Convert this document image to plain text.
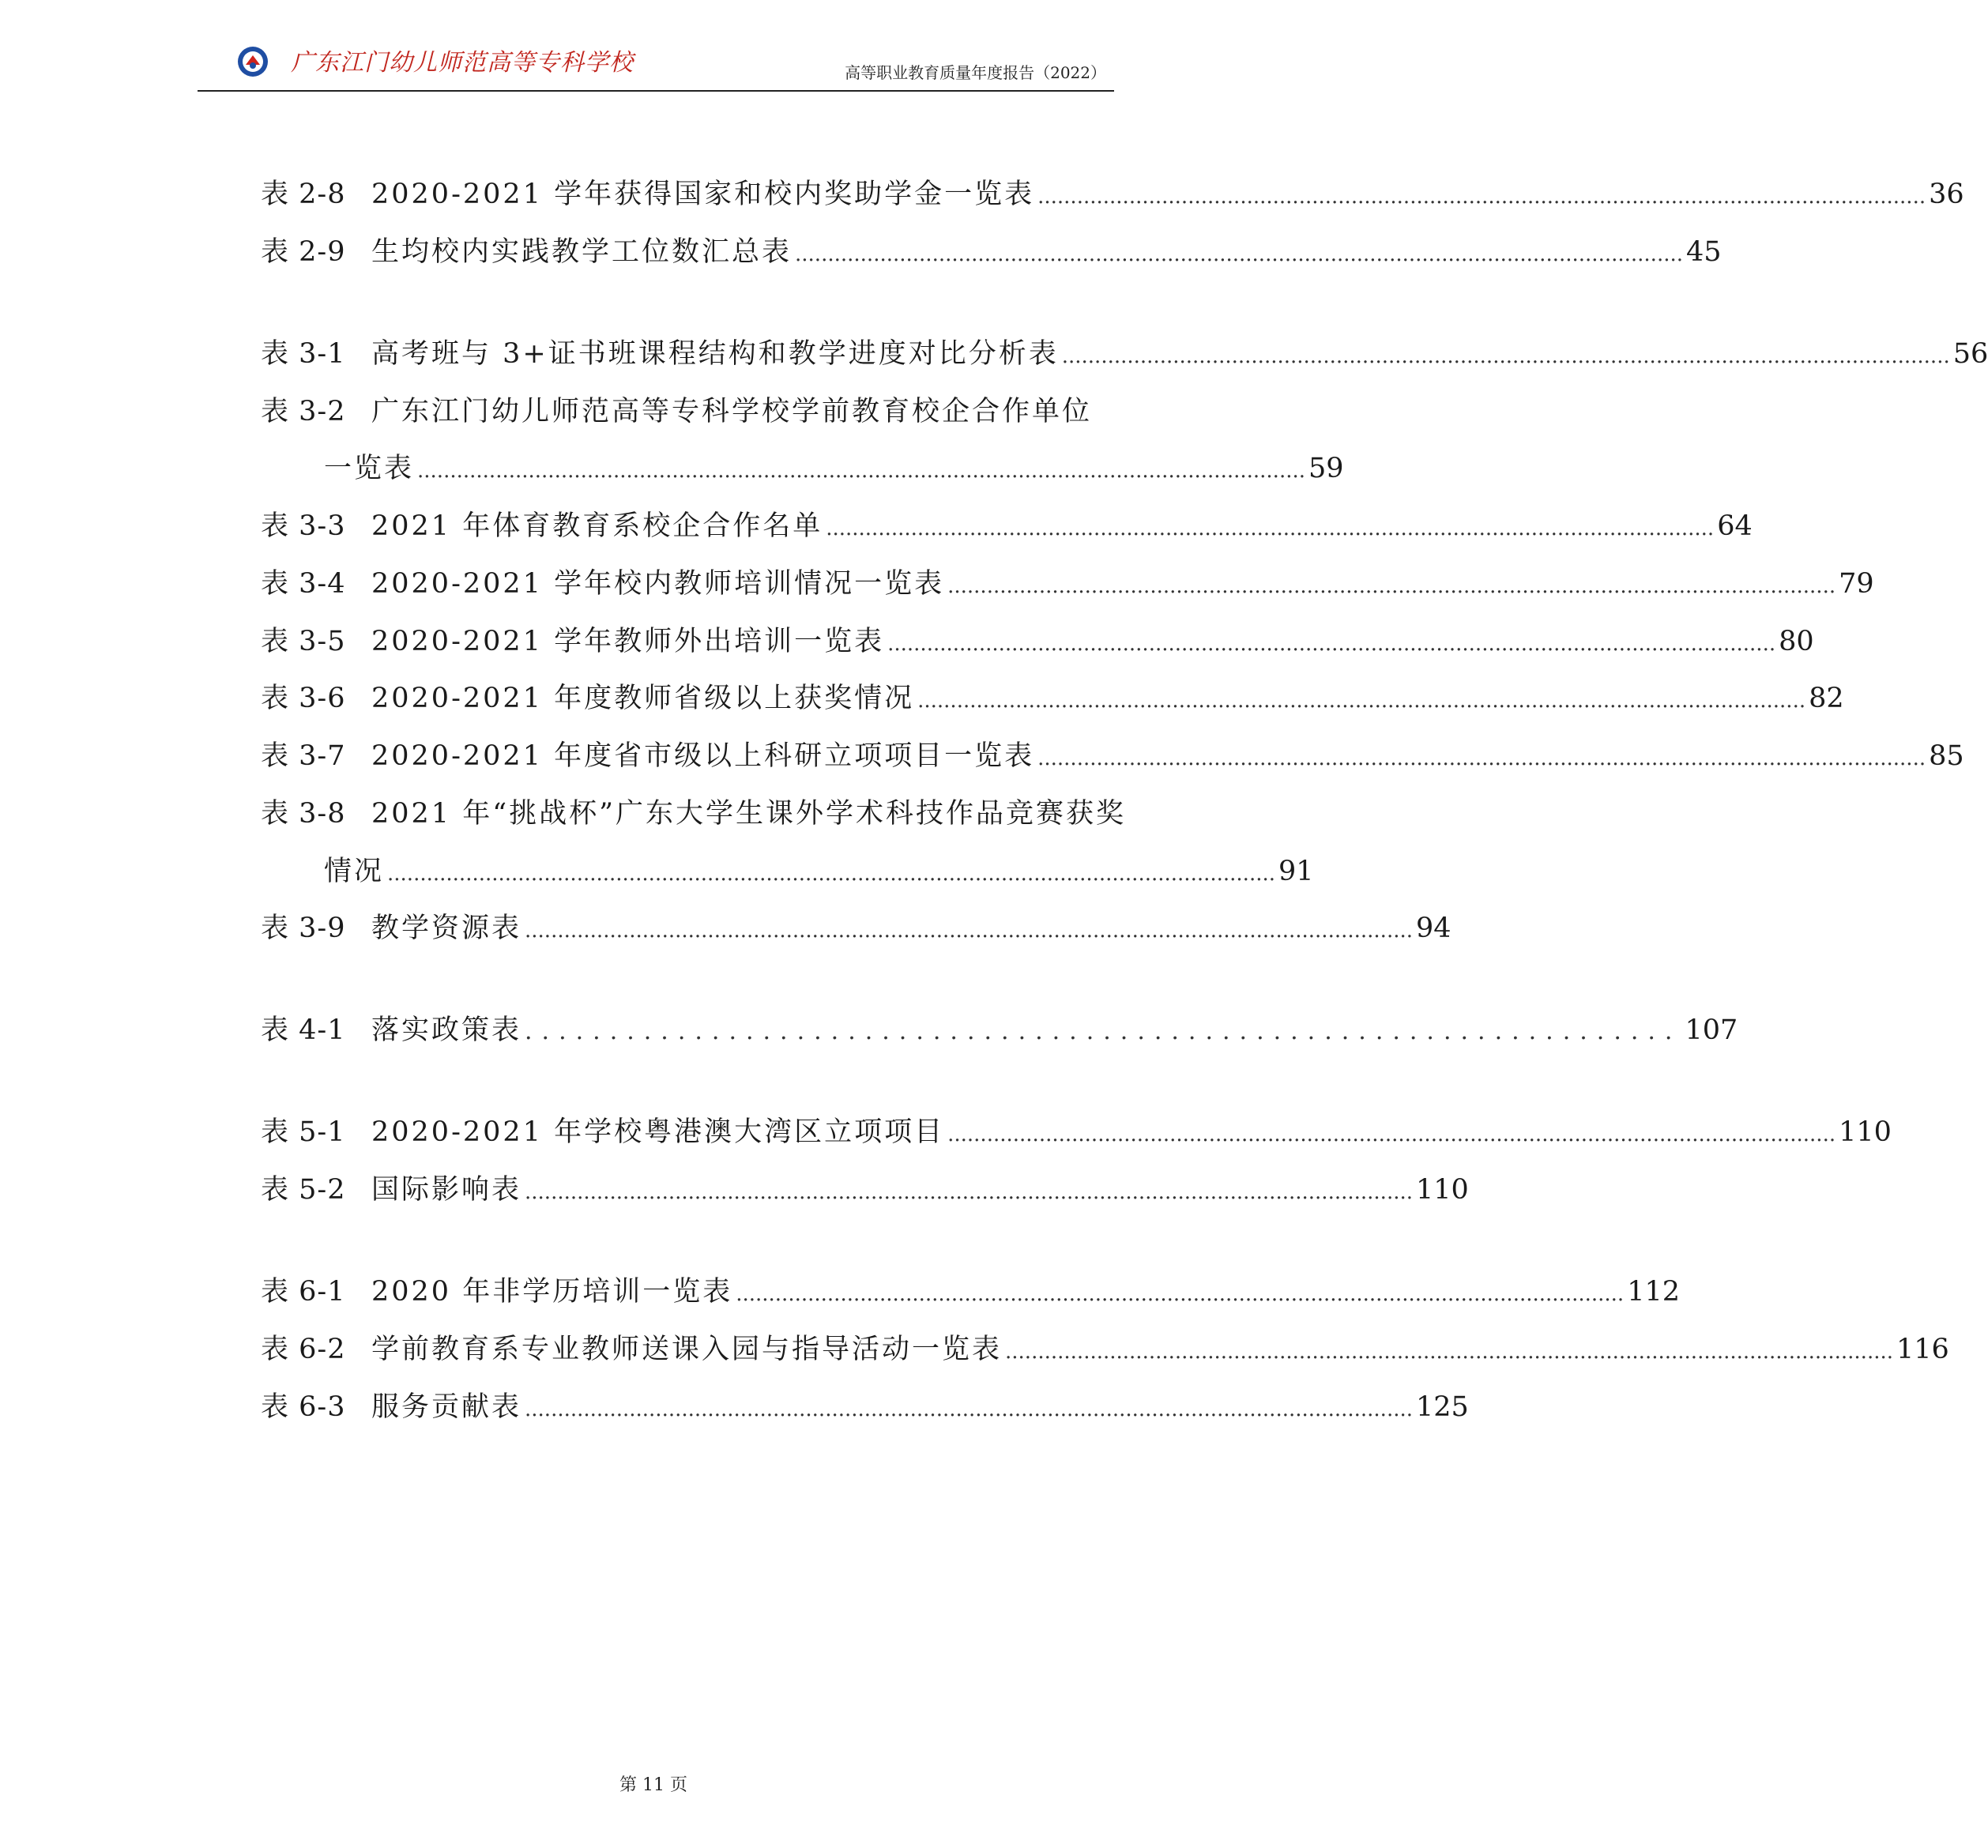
广东江门幼儿师范高等专科学校	高等职业教育质量年度报告（2022）
表 2-8 2020-2021 学年获得国家和校内奖助学金一览表 ........................................................................................................................................ 36
表 2-9 生均校内实践教学工位数汇总表 ........................................................................................................................................ 45
表 3-1 高考班与 3+证书班课程结构和教学进度对比分析表 ........................................................................................................................................ 56
表 3-2 广东江门幼儿师范高等专科学校学前教育校企合作单位
一览表 ........................................................................................................................................ 59
表 3-3 2021 年体育教育系校企合作名单 ........................................................................................................................................ 64
表 3-4 2020-2021 学年校内教师培训情况一览表 ........................................................................................................................................ 79
表 3-5 2020-2021 学年教师外出培训一览表 ........................................................................................................................................ 80
表 3-6 2020-2021 年度教师省级以上获奖情况 ........................................................................................................................................ 82
表 3-7 2020-2021 年度省市级以上科研立项项目一览表 ........................................................................................................................................ 85
表 3-8 2021 年“挑战杯”广东大学生课外学术科技作品竞赛获奖
情况 ........................................................................................................................................ 91
表 3-9 教学资源表 ........................................................................................................................................ 94
表 4-1 落实政策表 .................................................................... 107
表 5-1 2020-2021 年学校粤港澳大湾区立项项目 ........................................................................................................................................ 110
表 5-2 国际影响表 ........................................................................................................................................ 110
表 6-1 2020 年非学历培训一览表 ........................................................................................................................................ 112
表 6-2 学前教育系专业教师送课入园与指导活动一览表 ........................................................................................................................................ 116
表 6-3 服务贡献表 ........................................................................................................................................ 125
第 11 页
